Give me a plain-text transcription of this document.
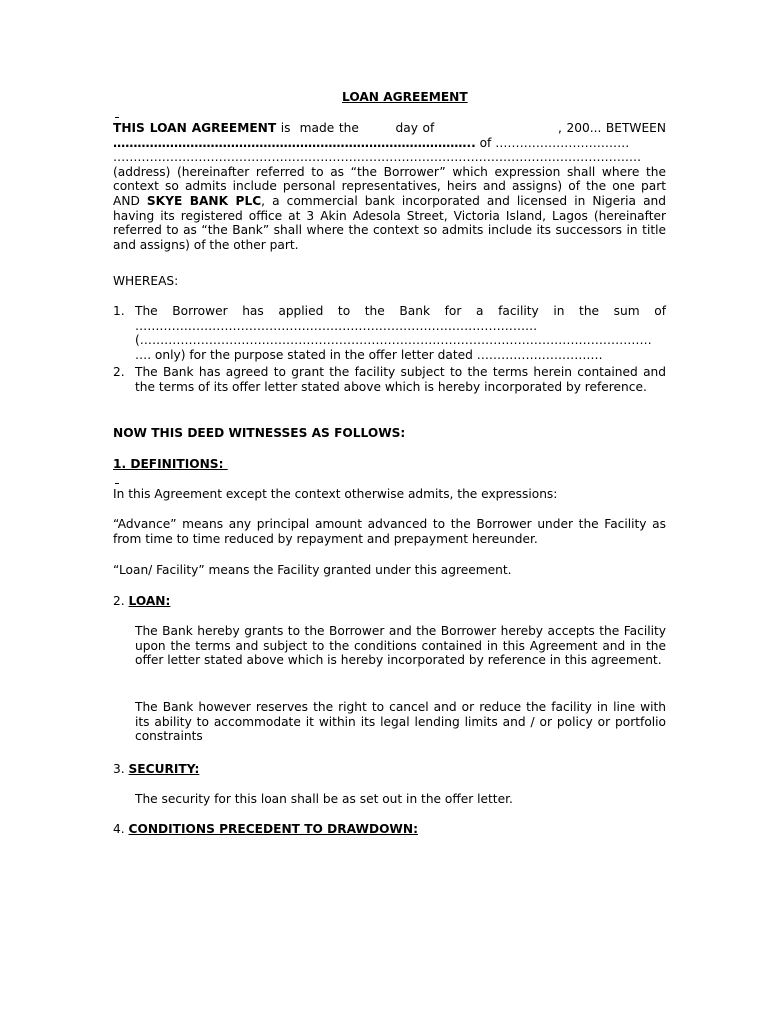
LOAN AGREEMENT
THIS LOAN AGREEMENT is  made the        day of                           , 200... BETWEEN
…………………………………………………………………………….. of ……………………………
………………………………………………………………………………………………………………….
(address) (hereinafter referred to as “the Borrower” which expression shall where the context so admits include personal representatives, heirs and assigns) of the one part AND SKYE BANK PLC, a commercial bank incorporated and licensed in Nigeria and having its registered office at 3 Akin Adesola Street, Victoria Island, Lagos (hereinafter referred to as “the Bank” shall where the context so admits include its successors in title and assigns) of the other part.
WHEREAS:
1. The  Borrower  has  applied  to  the  Bank  for  a  facility  in  the  sum  of
………………………………………………………………………………………
(………………………………………………………………………………………………………………
…. only) for the purpose stated in the offer letter dated ………………………….
2. The Bank has agreed to grant the facility subject to the terms herein contained and the terms of its offer letter stated above which is hereby incorporated by reference.
NOW THIS DEED WITNESSES AS FOLLOWS:
1. DEFINITIONS:
In this Agreement except the context otherwise admits, the expressions:
“Advance” means any principal amount advanced to the Borrower under the Facility as from time to time reduced by repayment and prepayment hereunder.
“Loan/ Facility” means the Facility granted under this agreement.
2. LOAN:
The Bank hereby grants to the Borrower and the Borrower hereby accepts the Facility upon the terms and subject to the conditions contained in this Agreement and in the offer letter stated above which is hereby incorporated by reference in this agreement.
The Bank however reserves the right to cancel and or reduce the facility in line with its ability to accommodate it within its legal lending limits and / or policy or portfolio constraints
3. SECURITY:
The security for this loan shall be as set out in the offer letter.
4. CONDITIONS PRECEDENT TO DRAWDOWN:
